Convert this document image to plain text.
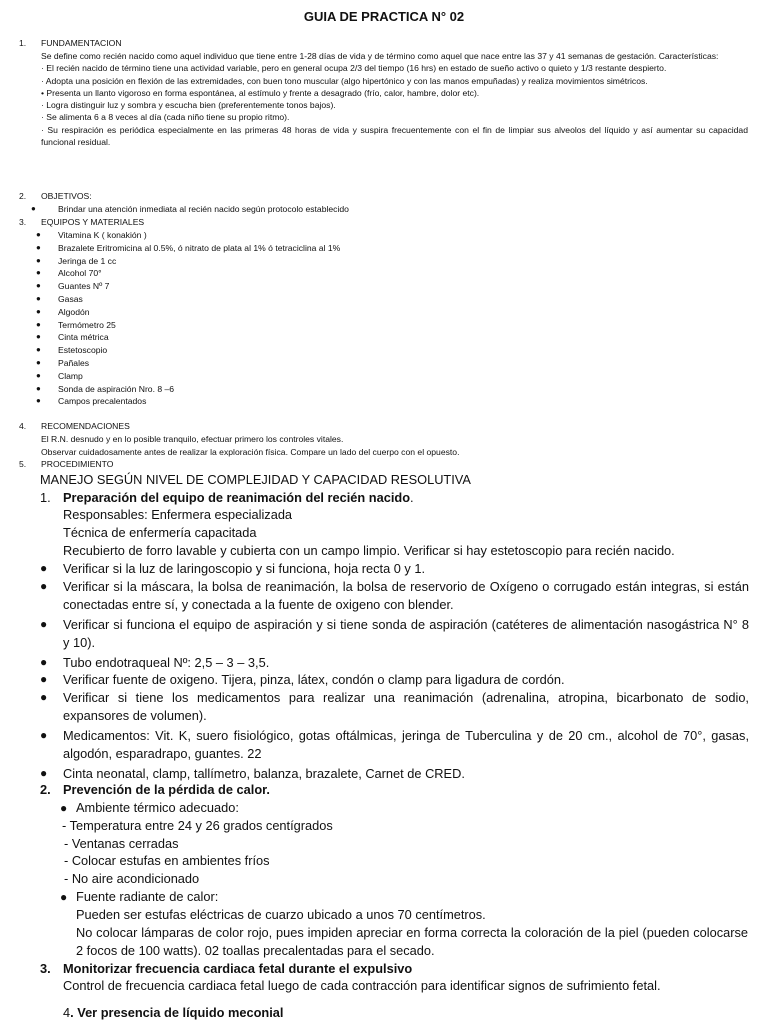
GUIA DE PRACTICA N° 02
1. FUNDAMENTACION
Se define como recién nacido como aquel individuo que tiene entre 1-28 días de vida y de término como aquel que nace entre las 37 y 41 semanas de gestación. Características:
· El recién nacido de término tiene una actividad variable, pero en general ocupa 2/3 del tiempo (16 hrs) en estado de sueño activo o quieto y 1/3 restante despierto.
· Adopta una posición en flexión de las extremidades, con buen tono muscular (algo hipertónico y con las manos empuñadas) y realiza movimientos simétricos.
• Presenta un llanto vigoroso en forma espontánea, al estímulo y frente a desagrado (frío, calor, hambre, dolor etc).
· Logra distinguir luz y sombra y escucha bien (preferentemente tonos bajos).
· Se alimenta 6 a 8 veces al día (cada niño tiene su propio ritmo).
· Su respiración es periódica especialmente en las primeras 48 horas de vida y suspira frecuentemente con el fin de limpiar sus alveolos del líquido y así aumentar su capacidad funcional residual.
2. OBJETIVOS:
●	Brindar una atención inmediata al recién nacido según protocolo establecido
3. EQUIPOS Y MATERIALES
● Vitamina K ( konakión )
● Brazalete Eritromicina al 0.5%, ó nitrato de plata al 1% ó tetraciclina al 1%
● Jeringa de 1 cc
● Alcohol 70°
● Guantes Nº 7
● Gasas
● Algodón
● Termómetro 25
● Cinta métrica
● Estetoscopio
● Pañales
● Clamp
● Sonda de aspiración Nro. 8 –6
● Campos precalentados
4. RECOMENDACIONES
El R.N. desnudo y en lo posible tranquilo, efectuar primero los controles vitales.
Observar cuidadosamente antes de realizar la exploración física. Compare un lado del cuerpo con el opuesto.
5. PROCEDIMIENTO
MANEJO SEGÚN NIVEL DE COMPLEJIDAD Y CAPACIDAD RESOLUTIVA
1. Preparación del equipo de reanimación del recién nacido.
Responsables: Enfermera especializada
Técnica de enfermería capacitada
Recubierto de forro lavable y cubierta con un campo limpio. Verificar si hay estetoscopio para recién nacido.
● Verificar si la luz de laringoscopio y si funciona, hoja recta 0 y 1.
● Verificar si la máscara, la bolsa de reanimación, la bolsa de reservorio de Oxígeno o corrugado están integras, si están conectadas entre sí, y conectada a la fuente de oxigeno con blender.
● Verificar si funciona el equipo de aspiración y si tiene sonda de aspiración (catéteres de alimentación nasogástrica N° 8 y 10).
● Tubo endotraqueal Nº: 2,5 – 3 – 3,5.
● Verificar fuente de oxigeno. Tijera, pinza, látex, condón o clamp para ligadura de cordón.
● Verificar si tiene los medicamentos para realizar una reanimación (adrenalina, atropina, bicarbonato de sodio, expansores de volumen).
● Medicamentos: Vit. K, suero fisiológico, gotas oftálmicas, jeringa de Tuberculina y de 20 cm., alcohol de 70°, gasas, algodón, esparadrapo, guantes. 22
● Cinta neonatal, clamp, tallímetro, balanza, brazalete, Carnet de CRED.
2. Prevención de la pérdida de calor.
● Ambiente térmico adecuado:
- Temperatura entre 24 y 26 grados centígrados
- Ventanas cerradas
- Colocar estufas en ambientes fríos
- No aire acondicionado
● Fuente radiante de calor:
Pueden ser estufas eléctricas de cuarzo ubicado a unos 70 centímetros.
No colocar lámparas de color rojo, pues impiden apreciar en forma correcta la coloración de la piel (pueden colocarse 2 focos de 100 watts). 02 toallas precalentadas para el secado.
3. Monitorizar frecuencia cardiaca fetal durante el expulsivo
Control de frecuencia cardiaca fetal luego de cada contracción para identificar signos de sufrimiento fetal.
4. Ver presencia de líquido meconial
